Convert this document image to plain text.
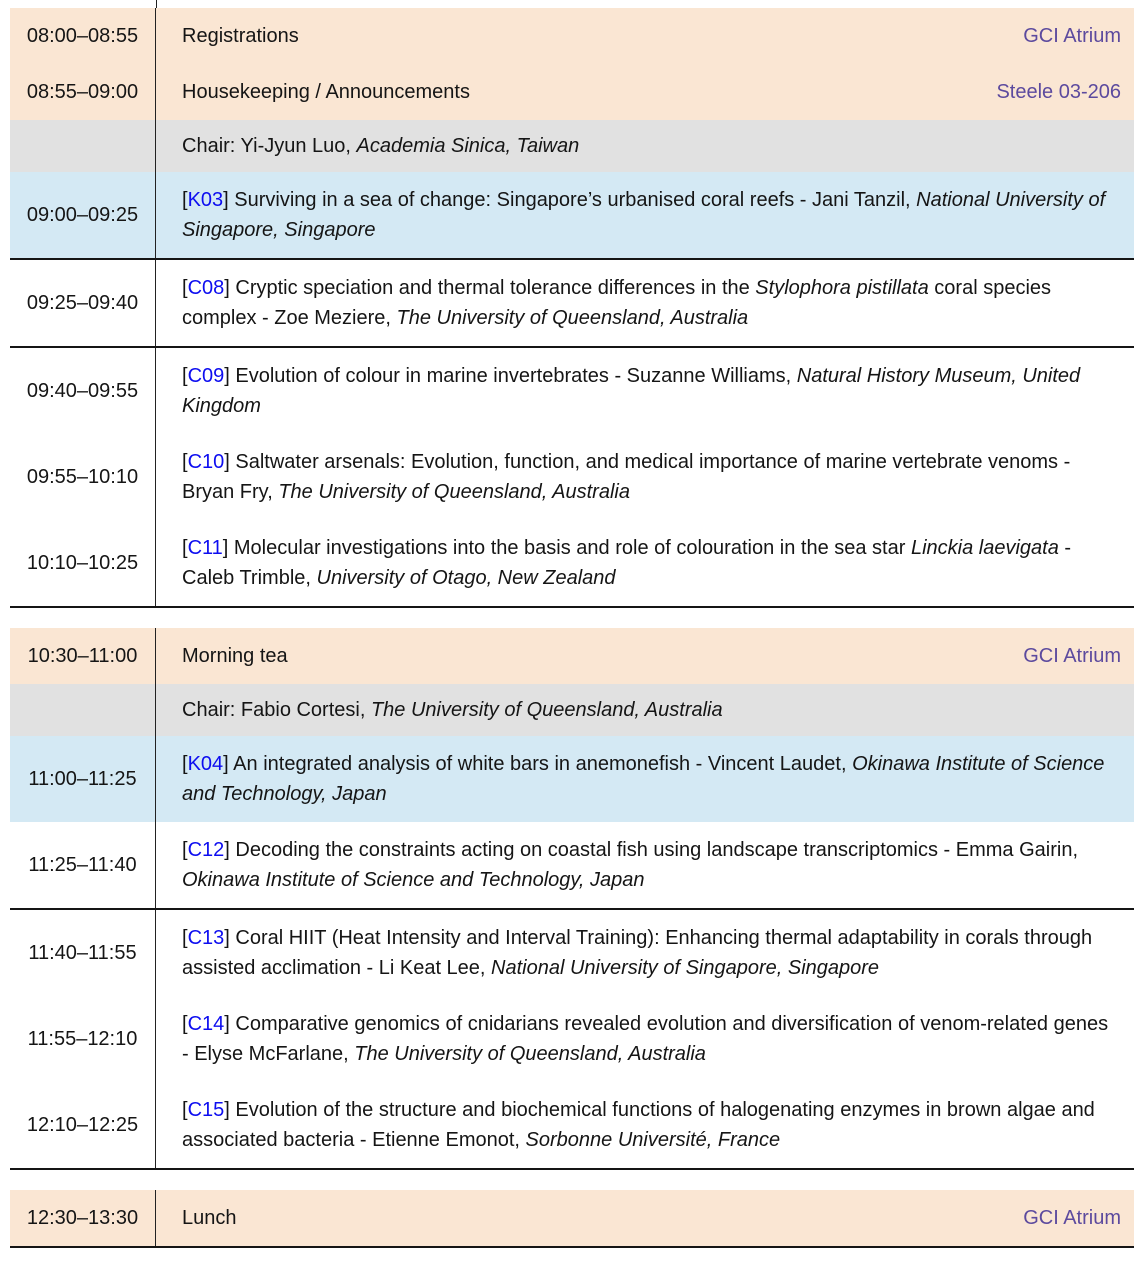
08:00–08:55 Registrations	GCI Atrium
08:55–09:00 Housekeeping / Announcements	Steele 03-206
Chair: Yi-Jyun Luo, Academia Sinica, Taiwan
09:00–09:25
[K03] Surviving in a sea of change: Singapore’s urbanised coral reefs - Jani Tanzil, National University of Singapore, Singapore
09:25–09:40
[C08] Cryptic speciation and thermal tolerance differences in the Stylophora pistillata coral species complex - Zoe Meziere, The University of Queensland, Australia
09:40–09:55
[C09] Evolution of colour in marine invertebrates - Suzanne Williams, Natural History Museum, United Kingdom
09:55–10:10
[C10] Saltwater arsenals: Evolution, function, and medical importance of marine vertebrate venoms - Bryan Fry, The University of Queensland, Australia
10:10–10:25
[C11] Molecular investigations into the basis and role of colouration in the sea star Linckia laevigata - Caleb Trimble, University of Otago, New Zealand
10:30–11:00 Morning tea	GCI Atrium
Chair: Fabio Cortesi, The University of Queensland, Australia
11:00–11:25
[K04] An integrated analysis of white bars in anemonefish - Vincent Laudet, Okinawa Institute of Science and Technology, Japan
11:25–11:40
[C12] Decoding the constraints acting on coastal fish using landscape transcriptomics - Emma Gairin, Okinawa Institute of Science and Technology, Japan
11:40–11:55
[C13] Coral HIIT (Heat Intensity and Interval Training): Enhancing thermal adaptability in corals through assisted acclimation - Li Keat Lee, National University of Singapore, Singapore
11:55–12:10
[C14] Comparative genomics of cnidarians revealed evolution and diversification of venom-related genes - Elyse McFarlane, The University of Queensland, Australia
12:10–12:25
[C15] Evolution of the structure and biochemical functions of halogenating enzymes in brown algae and associated bacteria - Etienne Emonot, Sorbonne Université, France
12:30–13:30 Lunch	GCI Atrium
